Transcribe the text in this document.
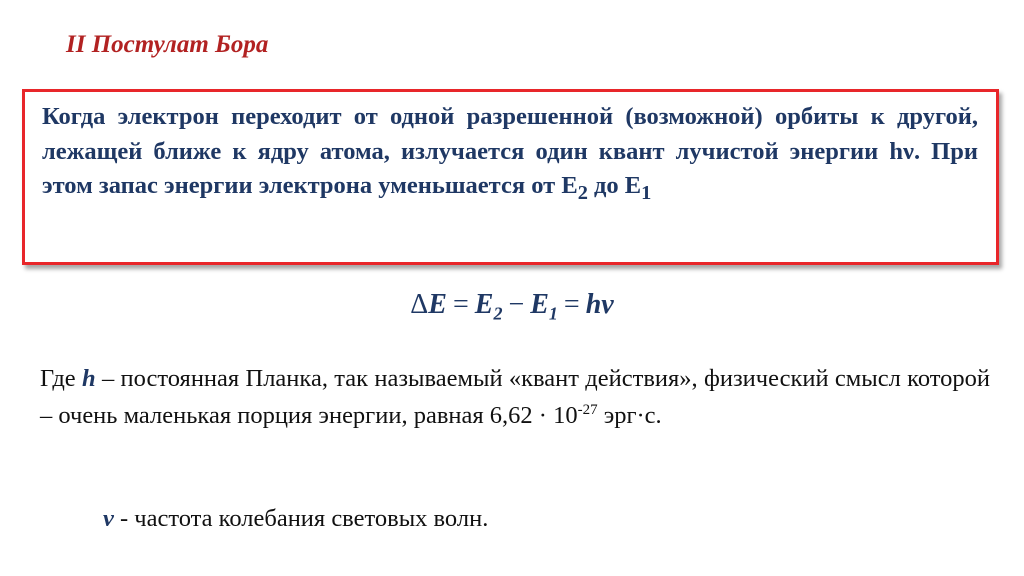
II Постулат Бора
Когда электрон переходит от одной разрешенной (возможной) орбиты к другой, лежащей ближе к ядру атома, излучается один квант лучистой энергии hν. При этом запас энергии электрона уменьшается от $E_2$ до $E_1$
$\Delta E = E_2 - E_1 = h\nu$
Где h – постоянная Планка, так называемый «квант действия», физический смысл которой – очень маленькая порция энергии, равная $6,62 \cdot 10^{-27}$ эрг·с.
ν - частота колебания световых волн.
